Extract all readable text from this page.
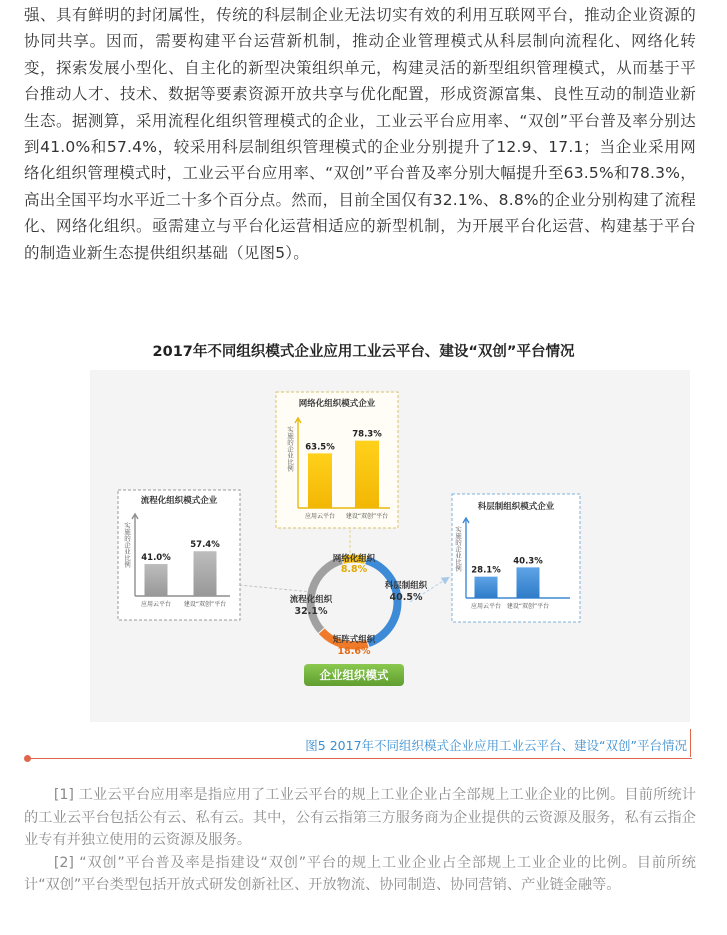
强、具有鲜明的封闭属性，传统的科层制企业无法切实有效的利用互联网平台，推动企业资源的协同共享。因而，需要构建平台运营新机制，推动企业管理模式从科层制向流程化、网络化转变，探索发展小型化、自主化的新型决策组织单元，构建灵活的新型组织管理模式，从而基于平台推动人才、技术、数据等要素资源开放共享与优化配置，形成资源富集、良性互动的制造业新生态。据测算，采用流程化组织管理模式的企业，工业云平台应用率、“双创”平台普及率分别达到41.0%和57.4%，较采用科层制组织管理模式的企业分别提升了12.9、17.1；当企业采用网络化组织管理模式时，工业云平台应用率、“双创”平台普及率分别大幅提升至63.5%和78.3%，高出全国平均水平近二十多个百分点。然而，目前全国仅有32.1%、8.8%的企业分别构建了流程化、网络化组织。亟需建立与平台化运营相适应的新型机制，为开展平台化运营、构建基于平台的制造业新生态提供组织基础（见图5）。

2017年不同组织模式企业应用工业云平台、建设“双创”平台情况
网络化组织模式企业
实施的企业比例 63.5%
应用云平台
78.3%
建设“双创”平台
流程化组织模式企业
实施的企业比例 41.0%
应用云平台
57.4%
建设“双创”平台
科层制组织模式企业
实施的企业比例 28.1%
应用云平台
40.3%
建设“双创”平台
网络化组织
8.8%
科层制组织
40.5%
矩阵式组织
18.6%
流程化组织
32.1%
企业组织模式
图5 2017年不同组织模式企业应用工业云平台、建设“双创”平台情况

[1] 工业云平台应用率是指应用了工业云平台的规上工业企业占全部规上工业企业的比例。目前所统计的工业云平台包括公有云、私有云。其中，公有云指第三方服务商为企业提供的云资源及服务，私有云指企业专有并独立使用的云资源及服务。

[2] “双创”平台普及率是指建设“双创”平台的规上工业企业占全部规上工业企业的比例。目前所统计“双创”平台类型包括开放式研发创新社区、开放物流、协同制造、协同营销、产业链金融等。
